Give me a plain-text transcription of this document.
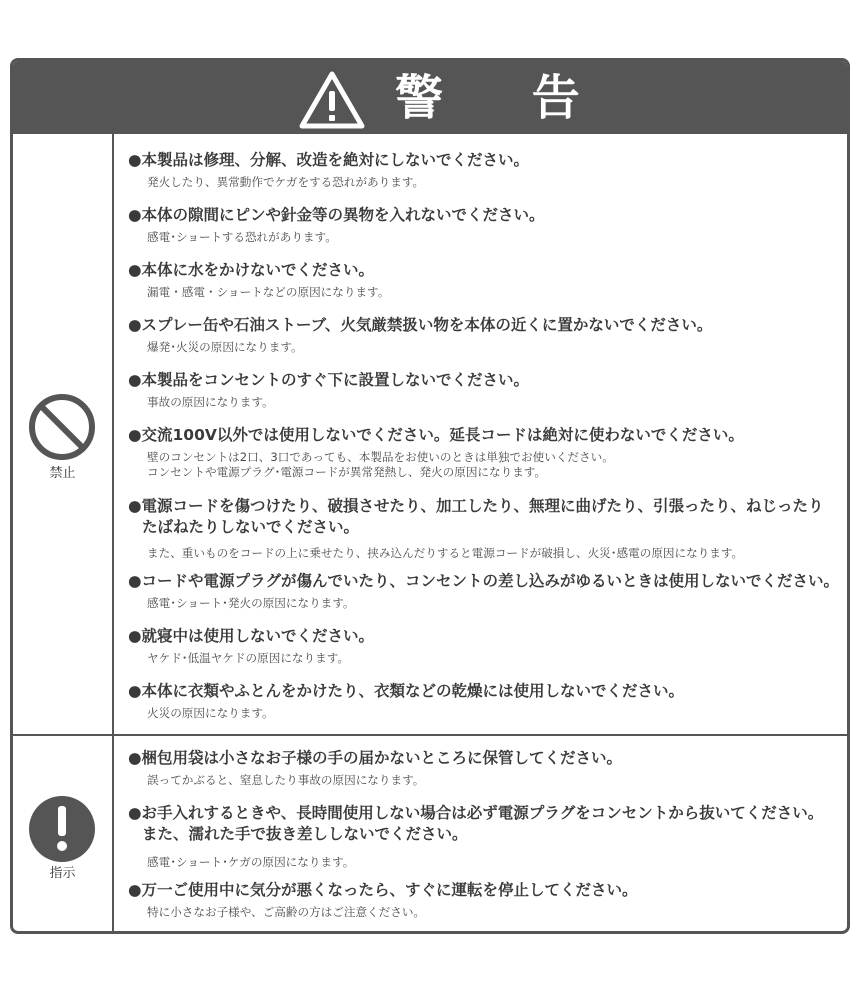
警 告
禁止
●本製品は修理、分解、改造を絶対にしないでください。
発火したり、異常動作でケガをする恐れがあります。
●本体の隙間にピンや針金等の異物を入れないでください。
感電･ショートする恐れがあります。
●本体に水をかけないでください。
漏電・感電・ショートなどの原因になります。
●スプレー缶や石油ストーブ、火気厳禁扱い物を本体の近くに置かないでください。
爆発･火災の原因になります。
●本製品をコンセントのすぐ下に設置しないでください。
事故の原因になります。
●交流100V以外では使用しないでください。延長コードは絶対に使わないでください。
壁のコンセントは2口、3口であっても、本製品をお使いのときは単独でお使いください。
コンセントや電源プラグ･電源コードが異常発熱し、発火の原因になります。
●電源コードを傷つけたり、破損させたり、加工したり、無理に曲げたり、引張ったり、ねじったり
たばねたりしないでください。
また、重いものをコードの上に乗せたり、挟み込んだりすると電源コードが破損し、火災･感電の原因になります。
●コードや電源プラグが傷んでいたり、コンセントの差し込みがゆるいときは使用しないでください。
感電･ショート･発火の原因になります。
●就寝中は使用しないでください。
ヤケド･低温ヤケドの原因になります。
●本体に衣類やふとんをかけたり、衣類などの乾燥には使用しないでください。
火災の原因になります。
指示
●梱包用袋は小さなお子様の手の届かないところに保管してください。
誤ってかぶると、窒息したり事故の原因になります。
●お手入れするときや、長時間使用しない場合は必ず電源プラグをコンセントから抜いてください。
また、濡れた手で抜き差ししないでください。
感電･ショート･ケガの原因になります。
●万一ご使用中に気分が悪くなったら、すぐに運転を停止してください。
特に小さなお子様や、ご高齢の方はご注意ください。
